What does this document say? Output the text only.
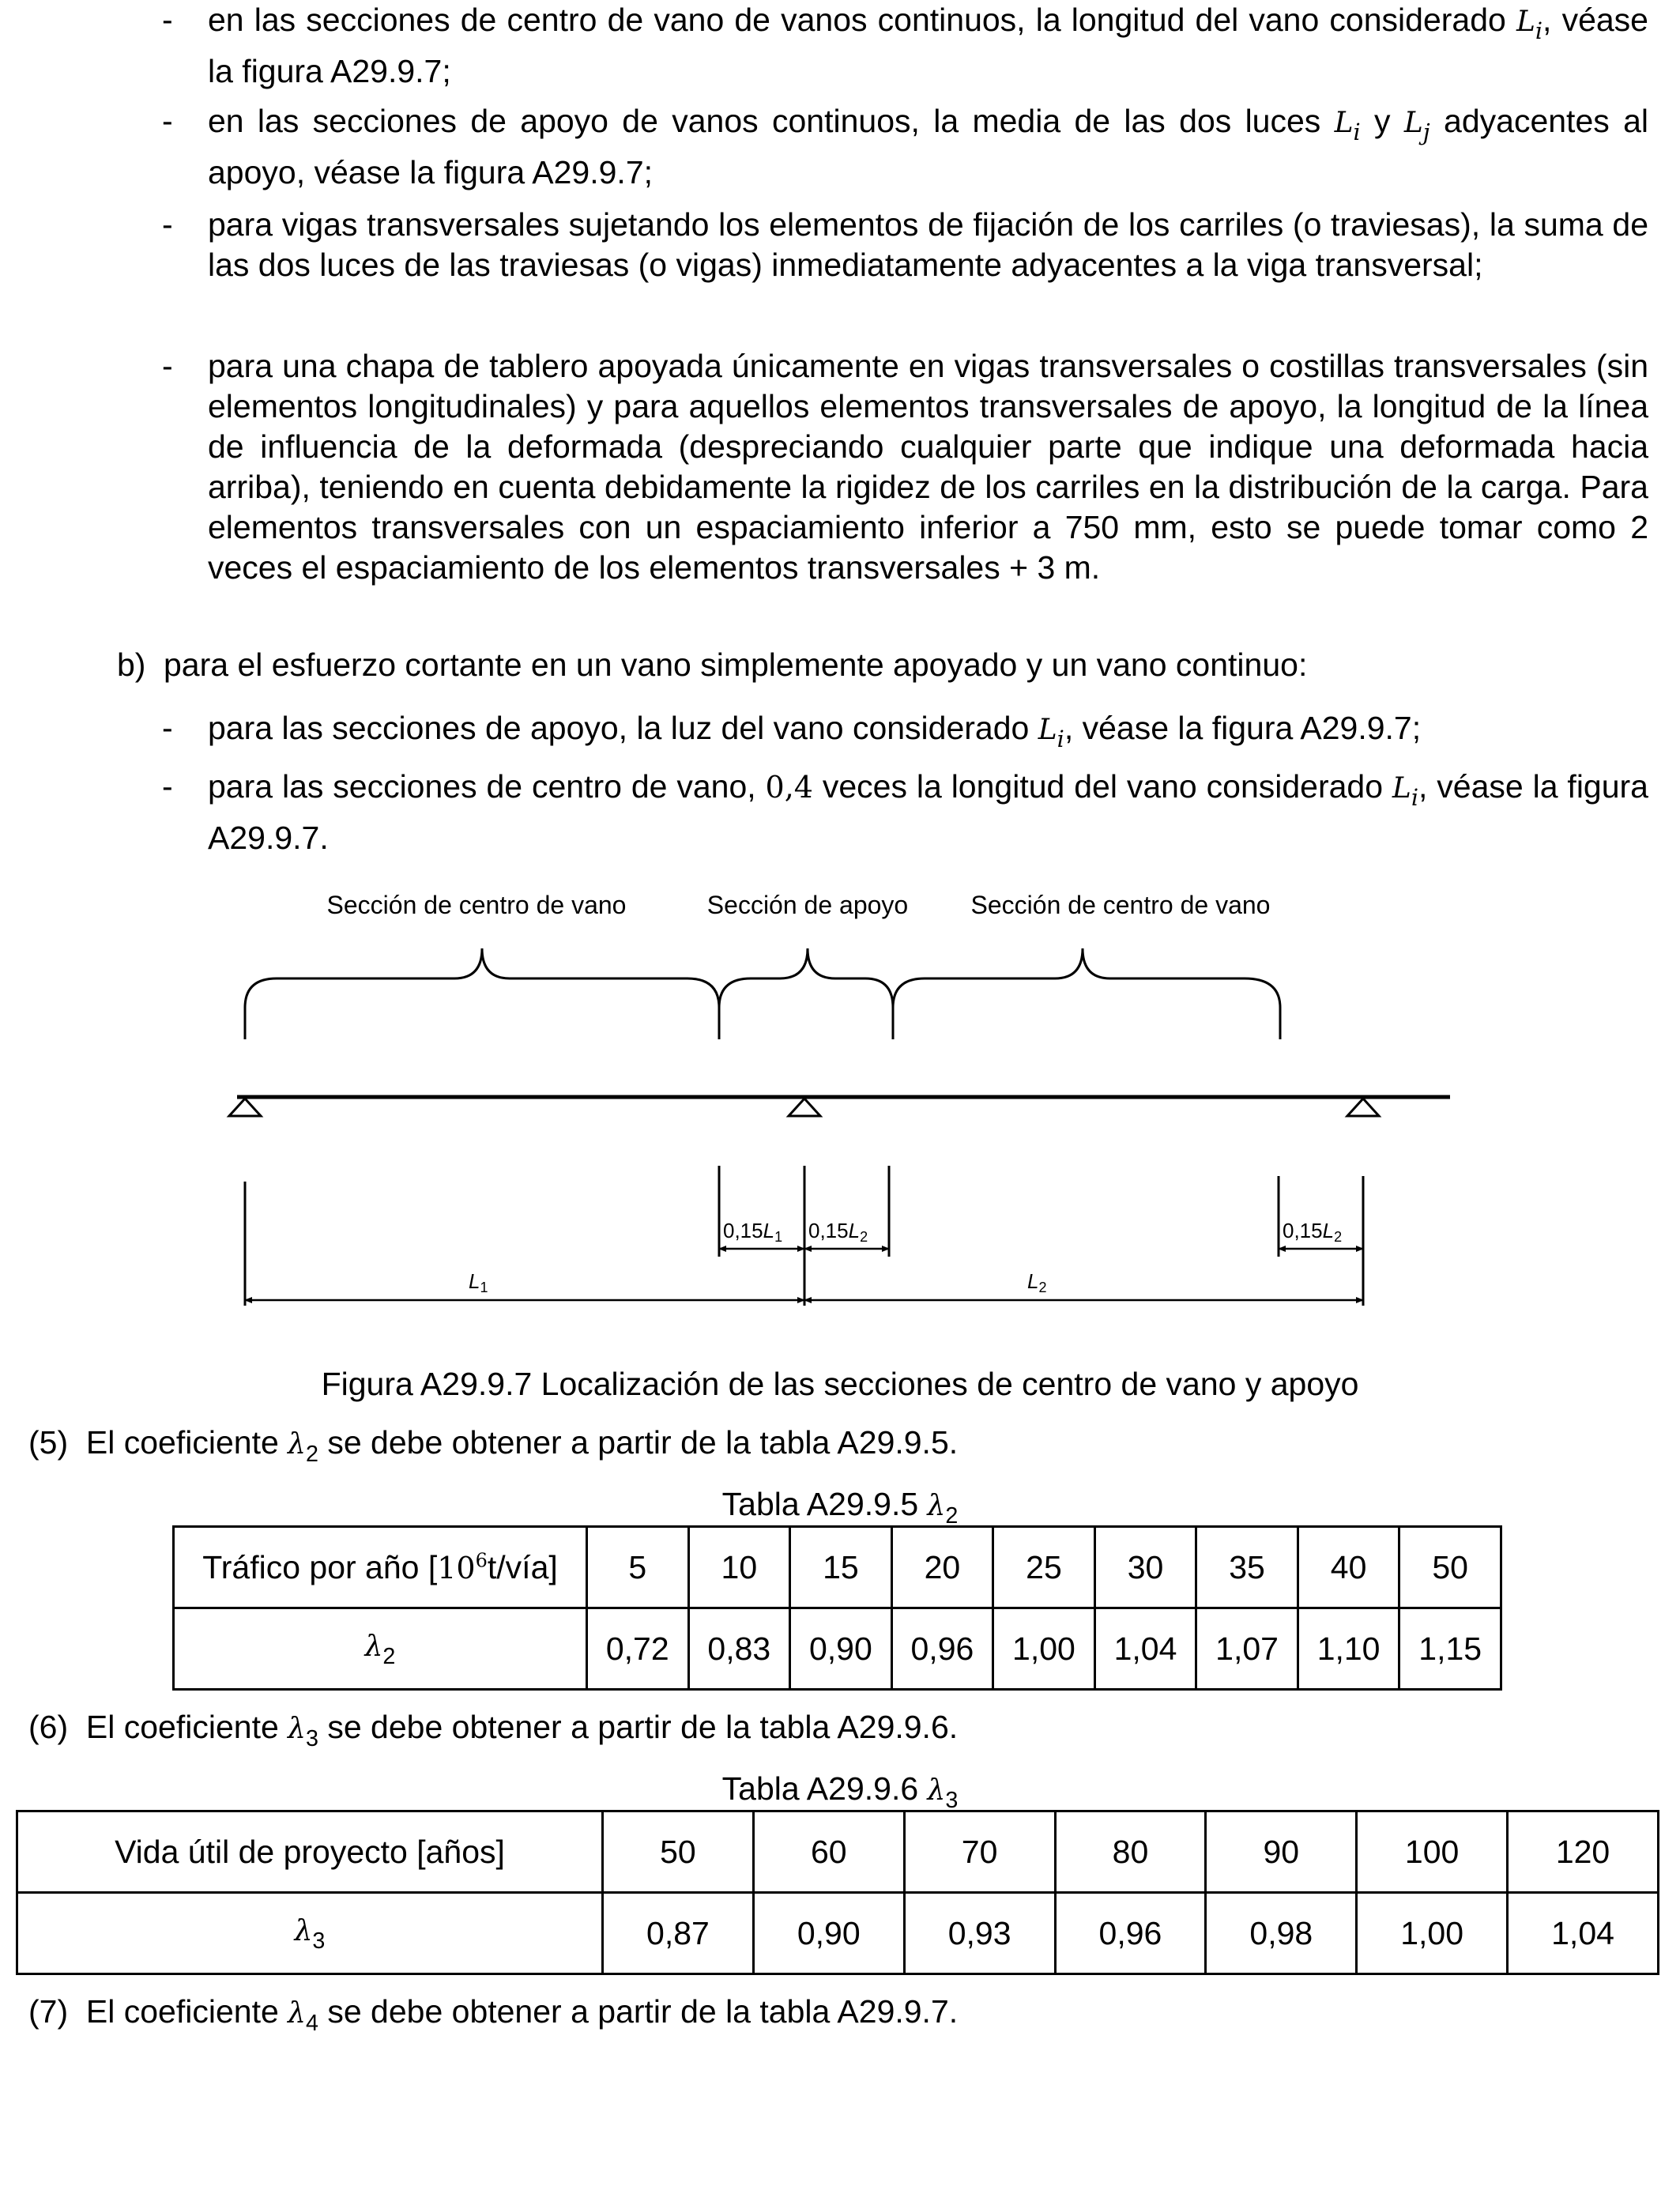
- en las secciones de centro de vano de vanos continuos, la longitud del vano considerado $L_i$, véase la figura A29.9.7;
- en las secciones de apoyo de vanos continuos, la media de las dos luces $L_i$ y $L_j$ adyacentes al apoyo, véase la figura A29.9.7;
- para vigas transversales sujetando los elementos de fijación de los carriles (o traviesas), la suma de las dos luces de las traviesas (o vigas) inmediatamente adyacentes a la viga transversal;
- para una chapa de tablero apoyada únicamente en vigas transversales o costillas transversales (sin elementos longitudinales) y para aquellos elementos transversales de apoyo, la longitud de la línea de influencia de la deformada (despreciando cualquier parte que indique una deformada hacia arriba), teniendo en cuenta debidamente la rigidez de los carriles en la distribución de la carga. Para elementos transversales con un espaciamiento inferior a 750 mm, esto se puede tomar como 2 veces el espaciamiento de los elementos transversales + 3 m.
b) para el esfuerzo cortante en un vano simplemente apoyado y un vano continuo:
- para las secciones de apoyo, la luz del vano considerado $L_i$, véase la figura A29.9.7;
- para las secciones de centro de vano, 0,4 veces la longitud del vano considerado $L_i$, véase la figura A29.9.7.
Sección de centro de vano	Sección de apoyo Sección de centro de vano
0,15L1 0,15L2	0,15L2
L1	L2
Figura A29.9.7 Localización de las secciones de centro de vano y apoyo
(5) El coeficiente $\lambda_2$ se debe obtener a partir de la tabla A29.9.5.
Tabla A29.9.5 $\lambda_2$
Tráfico por año $[10^6t/vía]$	5	10	15	20	25	30	35	40	50
$\lambda_2$	0,72	0,83	0,90	0,96	1,00	1,04	1,07	1,10	1,15
(6) El coeficiente $\lambda_3$ se debe obtener a partir de la tabla A29.9.6.
Tabla A29.9.6 $\lambda_3$
Vida útil de proyecto [años]	50	60	70	80	90	100	120
$\lambda_3$	0,87	0,90	0,93	0,96	0,98	1,00	1,04
(7) El coeficiente $\lambda_4$ se debe obtener a partir de la tabla A29.9.7.
